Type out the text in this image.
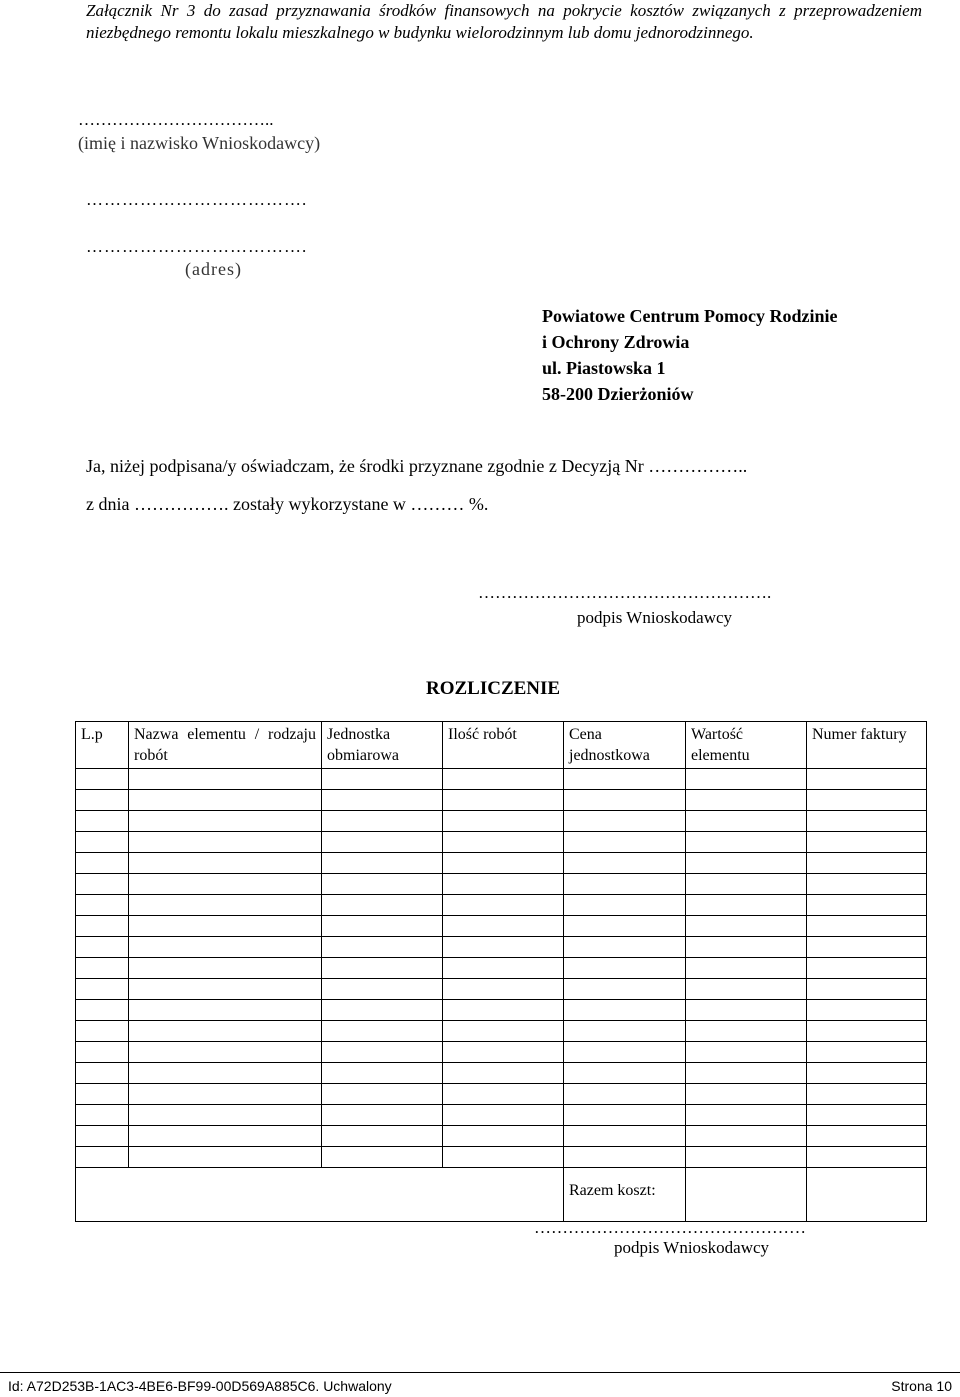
Załącznik Nr 3 do zasad przyznawania środków finansowych na pokrycie kosztów związanych z przeprowadzeniem niezbędnego remontu lokalu mieszkalnego w budynku wielorodzinnym lub domu jednorodzinnego.
……………………………..
(imię i nazwisko Wnioskodawcy)
……………………………….
……………………………….
(adres)
Powiatowe Centrum Pomocy Rodzinie
i Ochrony Zdrowia
ul. Piastowska 1
58-200 Dzierżoniów
Ja, niżej podpisana/y oświadczam, że środki przyznane zgodnie z Decyzją Nr ……………..
z dnia ……………. zostały wykorzystane w ……… %.
…………………………………………….
podpis Wnioskodawcy
ROZLICZENIE
L.p	Nazwa elementu / rodzaju robót	Jednostka obmiarowa	Ilość robót	Cena jednostkowa	Wartość elementu	Numer faktury

				Razem koszt:		
…………………………………………
podpis Wnioskodawcy
Id: A72D253B-1AC3-4BE6-BF99-00D569A885C6. Uchwalony	Strona 10
